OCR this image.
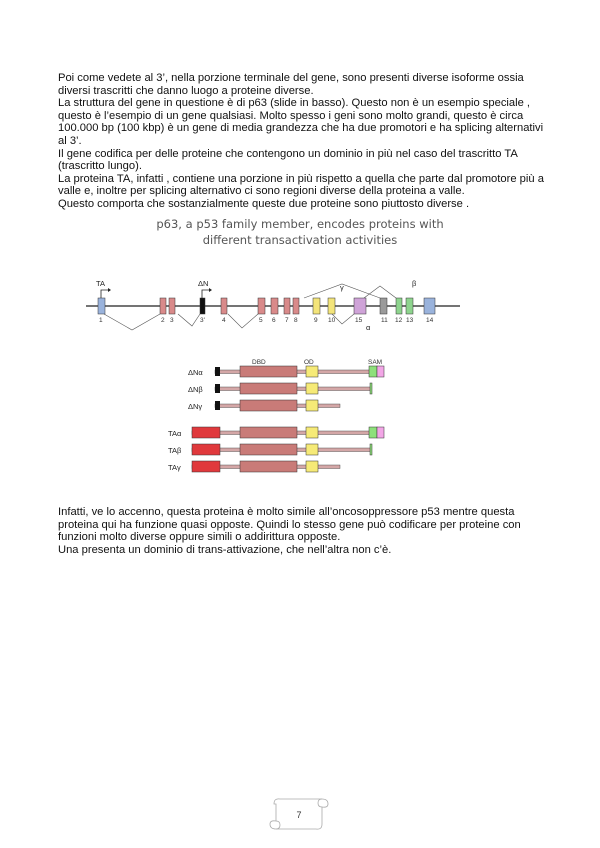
Poi come vedete al 3’, nella porzione terminale del gene, sono presenti diverse isoforme ossia
diversi trascritti che danno luogo a proteine diverse.
La struttura del gene in questione è di p63 (slide in basso). Questo non è un esempio speciale ,
questo è l’esempio di un gene qualsiasi. Molto spesso i geni sono molto grandi, questo è circa
100.000 bp (100 kbp) è un gene di media grandezza che ha due promotori e ha splicing alternativi
al 3’.
Il gene codifica per delle proteine che contengono un dominio in più nel caso del trascritto TA
(trascritto lungo).
La proteina TA, infatti , contiene una porzione in più rispetto a quella che parte dal promotore più a
valle e, inoltre per splicing alternativo ci sono regioni diverse della proteina a valle.
Questo comporta che sostanzialmente queste due proteine sono piuttosto diverse .
p63, a p53 family member, encodes proteins with
different transactivation activities
TA	ΔN	γ	β
α
1	2 3	3'	4	5 6 7 8	9 10	15	11 12 13 14
DBD	OD	SAM
ΔNα
ΔNβ
ΔNγ
TAα
TAβ
TAγ
Infatti, ve lo accenno, questa proteina è molto simile all’oncosoppressore p53 mentre questa
proteina qui ha funzione quasi opposte. Quindi lo stesso gene può codificare per proteine con
funzioni molto diverse oppure simili o addirittura opposte.
Una presenta un dominio di trans-attivazione, che nell’altra non c’è.
7
